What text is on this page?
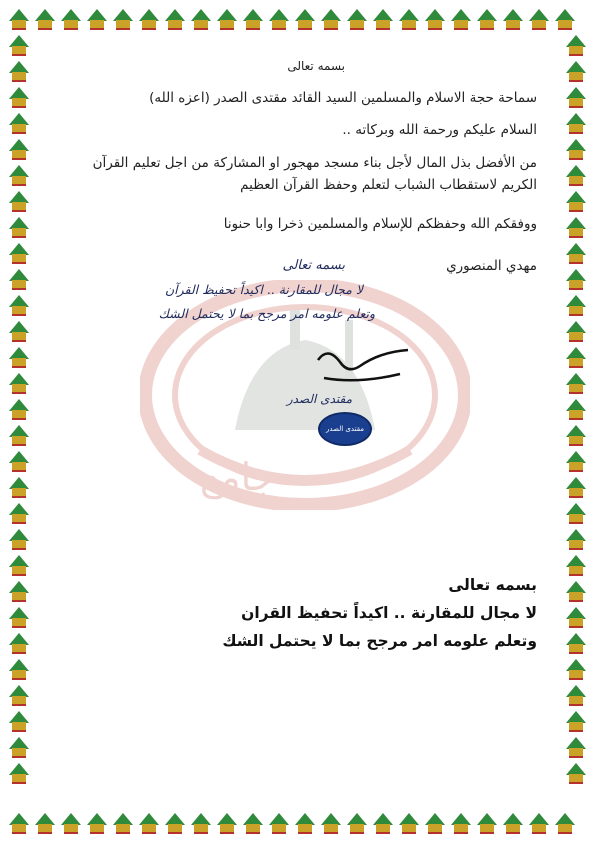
جامع
بسمه تعالى
سماحة حجة الاسلام والمسلمين السيد القائد مقتدى الصدر (اعزه الله)
السلام عليكم ورحمة الله وبركاته ..
من الأفضل بذل المال لأجل بناء مسجد مهجور او المشاركة من اجل تعليم القرآن الكريم لاستقطاب الشباب لتعلم وحفظ القرآن العظيم
ووفقكم الله وحفظكم للإسلام والمسلمين ذخرا وابا حنونا
مهدي المنصوري
بسمه تعالى
لا مجال للمقارنة .. اكيداً تحفيظ القرآن
وتعلم علومه امر مرجح بما لا يحتمل الشك
مقتدى الصدر
مقتدى الصدر
بسمه تعالى
لا مجال للمقارنة .. اكيداً تحفيظ القران
وتعلم علومه امر مرجح بما لا يحتمل الشك
